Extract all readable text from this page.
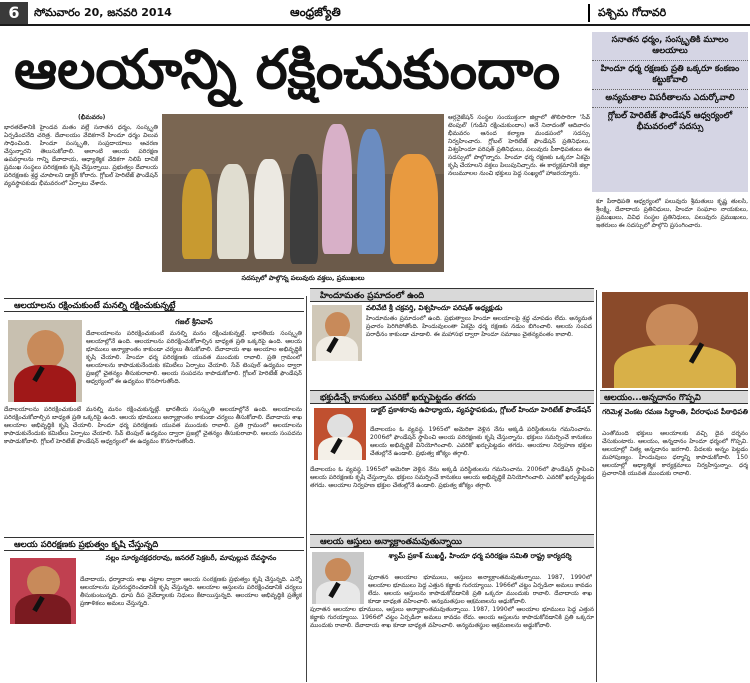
6	సోమవారం 20, జనవరి 2014	ఆంధ్రజ్యోతి	పశ్చిమ గోదావరి
ఆలయాన్ని రక్షించుకుందాం	సనాతన ధర్మం, సంస్కృతికి మూలం ఆలయాలు
హిందూ ధర్మ రక్షణకు ప్రతి ఒక్కరూ కంకణం కట్టుకోవాలి
అన్యమతాల విపరీతాలను ఎదుర్కోవాలి
గ్లోబల్ హెరిటేజ్ ఫౌండేషన్ ఆధ్వర్యంలో భీమవరంలో సదస్సు
(భీమవరం)
భారతదేశానికి హైందవ మతం వల్లే సనాతన ధర్మం, సంస్కృతి ఏర్పడిందనేది చరిత్ర. దేవాలయం వేదికగానే హిందూ ధర్మం విలువ సాధించింది. హిందూ సంస్కృతి, సంప్రదాయాలు ఆచరణ చేస్తున్నారని తెలుసుకోవాలి. అలాంటి ఆలయ పరిరక్షణ ఉపవర్గాలను గాన్ని దేవాదాయ, ఆధ్యాత్మిక వేదికగా నిలిపే దానికే ప్రముఖ సంస్థలు పరిరక్షణకు కృషి చేస్తున్నాయి. ప్రభుత్వం దేవాలయ పరిరక్షణకు శ్రద్ధ చూపాలని డాక్టర్ కోరారు. గ్లోబల్ హెరిటేజ్ ఫౌండేషన్ వ్యవస్థాపకుడు భీమవరంలో ఏర్పాటు చేశారు.
సదస్సులో పాల్గొన్న పలువురు వక్తలు, ప్రముఖులు
ఆర్గనైజేషన్ సంస్థల సంయుక్తంగా జిల్లాలో తొలిసారిగా 'సేవ్ టెంపుల్' (గుడిని రక్షించుకుందాం) అనే నినాదంతో ఆదివారం భీమవరం ఆనంద కల్యాణ మండపంలో సదస్సు నిర్వహించారు. గ్లోబల్ హెరిటేజ్ ఫౌండేషన్ ప్రతినిధులు, విశ్వహిందూ పరిషత్ ప్రతినిధులు, పలువురు పీఠాధిపతులు ఈ సదస్సులో పాల్గొన్నారు. హిందూ ధర్మ రక్షణకు ఒక్కరూ ఏకమై కృషి చేయాలని వక్తలు పిలుపునిచ్చారు. ఈ కార్యక్రమానికి జిల్లా నలుమూలల నుంచి భక్తులు పెద్ద సంఖ్యలో హాజరయ్యారు.
కూ పీఠాధిపతి ఆధ్వర్యంలో పలువురు శ్రీమతులు కృష్ణ తులసి, శ్రీలక్ష్మి, దేవాదాయ ప్రతినిధులు, హిందూ సంఘాల నాయకులు, ప్రముఖులు, వివిధ సంస్థల ప్రతినిధులు, పలువురు ప్రముఖులు, ఇతరులు ఈ సదస్సులో పాల్గొని ప్రసంగించారు.
ఆలయాలను రక్షించుకుంటే మనల్ని రక్షించుకున్నట్టే
గజల్ శ్రీనివాస్
దేవాలయాలను పరిరక్షించుకుంటే మనల్ని మనం రక్షించుకున్నట్లే. భారతీయ సంస్కృతి ఆలయాల్లోనే ఉంది. ఆలయాలను పరిరక్షించుకోవాల్సిన బాధ్యత ప్రతి ఒక్కరిపై ఉంది. ఆలయ భూములు అన్యాక్రాంతం కాకుండా చర్యలు తీసుకోవాలి. దేవాదాయ శాఖ ఆలయాల అభివృద్ధికి కృషి చేయాలి. హిందూ ధర్మ పరిరక్షణకు యువత ముందుకు రావాలి. ప్రతి గ్రామంలో ఆలయాలను కాపాడుకునేందుకు కమిటీలు ఏర్పాటు చేయాలి. సేవ్ టెంపుల్ ఉద్యమం ద్వారా ప్రజల్లో చైతన్యం తీసుకురావాలి. ఆలయ సంపదను కాపాడుకోవాలి. గ్లోబల్ హెరిటేజ్ ఫౌండేషన్ ఆధ్వర్యంలో ఈ ఉద్యమం కొనసాగుతోంది.
దేవాలయాలను పరిరక్షించుకుంటే మనల్ని మనం రక్షించుకున్నట్లే. భారతీయ సంస్కృతి ఆలయాల్లోనే ఉంది. ఆలయాలను పరిరక్షించుకోవాల్సిన బాధ్యత ప్రతి ఒక్కరిపై ఉంది. ఆలయ భూములు అన్యాక్రాంతం కాకుండా చర్యలు తీసుకోవాలి. దేవాదాయ శాఖ ఆలయాల అభివృద్ధికి కృషి చేయాలి. హిందూ ధర్మ పరిరక్షణకు యువత ముందుకు రావాలి. ప్రతి గ్రామంలో ఆలయాలను కాపాడుకునేందుకు కమిటీలు ఏర్పాటు చేయాలి. సేవ్ టెంపుల్ ఉద్యమం ద్వారా ప్రజల్లో చైతన్యం తీసుకురావాలి. ఆలయ సంపదను కాపాడుకోవాలి. గ్లోబల్ హెరిటేజ్ ఫౌండేషన్ ఆధ్వర్యంలో ఈ ఉద్యమం కొనసాగుతోంది.
ఆలయ పరిరక్షణకు ప్రభుత్వం కృషి చేస్తున్నది
నల్లం సూర్యచక్రధరరావు, జనరల్ సెక్రటరీ, మాపుల్లువ దేవస్థానం
దేవాదాయ, ధర్మాదాయ శాఖ చట్టాల ద్వారా ఆలయ సంరక్షణకు ప్రభుత్వం కృషి చేస్తున్నది. ఎన్నో ఆలయాలను పునరుద్ధరించడానికి కృషి చేస్తున్నది. ఆలయాల ఆస్తులను పరిరక్షించడానికి చర్యలు తీసుకుంటున్నది. ధూప దీప నైవేద్యాలకు నిధులు కేటాయిస్తున్నది. ఆలయాల అభివృద్ధికి ప్రత్యేక ప్రణాళికలు అమలు చేస్తున్నది.
హిందూమతం ప్రమాదంలో ఉంది
వలివేటి శ్రీ చక్రవర్తి, విశ్వహిందూ పరిషత్ అధ్యక్షుడు
హిందూమతం ప్రమాదంలో ఉంది. ప్రభుత్వాలు హిందూ ఆలయాలపై శ్రద్ధ చూపడం లేదు. అన్యమత ప్రచారం పెరిగిపోతోంది. హిందువులంతా ఏకమై ధర్మ రక్షణకు నడుం బిగించాలి. ఆలయ సంపద పరాధీనం కాకుండా చూడాలి. ఈ మహాసభ ద్వారా హిందూ సమాజం చైతన్యవంతం కావాలి.
భక్తుడిచ్చే కానుకలు ఎవరికో ఖర్చుపెట్టడం తగదు
డాక్టర్ ప్రకాశరావు ఉపాధ్యాయ, వ్యవస్థాపకుడు, గ్లోబల్ హిందూ హెరిటేజ్ ఫౌండేషన్
దేవాలయం ఓ వ్యవస్థ. 1965లో అమెరికా వెళ్లిన నేను అక్కడి పరిస్థితులను గమనించాను. 2006లో ఫౌండేషన్ స్థాపించి ఆలయ పరిరక్షణకు కృషి చేస్తున్నాను. భక్తులు సమర్పించే కానుకలు ఆలయ అభివృద్ధికే వినియోగించాలి. ఎవరికో ఖర్చుపెట్టడం తగదు. ఆలయాల నిర్వహణ భక్తుల చేతుల్లోనే ఉండాలి. ప్రభుత్వ జోక్యం తగ్గాలి.
దేవాలయం ఓ వ్యవస్థ. 1965లో అమెరికా వెళ్లిన నేను అక్కడి పరిస్థితులను గమనించాను. 2006లో ఫౌండేషన్ స్థాపించి ఆలయ పరిరక్షణకు కృషి చేస్తున్నాను. భక్తులు సమర్పించే కానుకలు ఆలయ అభివృద్ధికే వినియోగించాలి. ఎవరికో ఖర్చుపెట్టడం తగదు. ఆలయాల నిర్వహణ భక్తుల చేతుల్లోనే ఉండాలి. ప్రభుత్వ జోక్యం తగ్గాలి.
ఆలయ ఆస్తులు అన్యాక్రాంతమవుతున్నాయి
శ్యామ్ ప్రకాశ్ ముఖర్జీ, హిందూ ధర్మ పరిరక్షణ సమితి రాష్ట్ర కార్యదర్శి
పురాతన ఆలయాల భూములు, ఆస్తులు అన్యాక్రాంతమవుతున్నాయి. 1987, 1990లో ఆలయాల భూములు పెద్ద ఎత్తున కబ్జాకు గురయ్యాయి. 1966లో చట్టం ఏర్పడినా అమలు కావడం లేదు. ఆలయ ఆస్తులను కాపాడుకోవడానికి ప్రతి ఒక్కరూ ముందుకు రావాలి. దేవాదాయ శాఖ కూడా బాధ్యత వహించాలి. అన్యమతస్థుల ఆక్రమణలను అడ్డుకోవాలి.
పురాతన ఆలయాల భూములు, ఆస్తులు అన్యాక్రాంతమవుతున్నాయి. 1987, 1990లో ఆలయాల భూములు పెద్ద ఎత్తున కబ్జాకు గురయ్యాయి. 1966లో చట్టం ఏర్పడినా అమలు కావడం లేదు. ఆలయ ఆస్తులను కాపాడుకోవడానికి ప్రతి ఒక్కరూ ముందుకు రావాలి. దేవాదాయ శాఖ కూడా బాధ్యత వహించాలి. అన్యమతస్థుల ఆక్రమణలను అడ్డుకోవాలి.
ఆలయం...అన్నదానం గొప్పవి
గరిమెళ్ల వెంకట రమణ సిద్ధాంతి, వీరరాఘవ పీఠాధిపతి
ఎంతోమంది భక్తులు ఆలయాలకు వచ్చి దైవ దర్శనం చేసుకుంటారు. ఆలయం, అన్నదానం హిందూ ధర్మంలో గొప్పవి. ఆలయాల్లో నిత్య అన్నదానం జరగాలి. పేదలకు అన్నం పెట్టడం మహాపుణ్యం. హిందువులు ధర్మాన్ని కాపాడుకోవాలి. 150 ఆలయాల్లో ఆధ్యాత్మిక కార్యక్రమాలు నిర్వహిస్తున్నాం. ధర్మ ప్రచారానికి యువత ముందుకు రావాలి.
